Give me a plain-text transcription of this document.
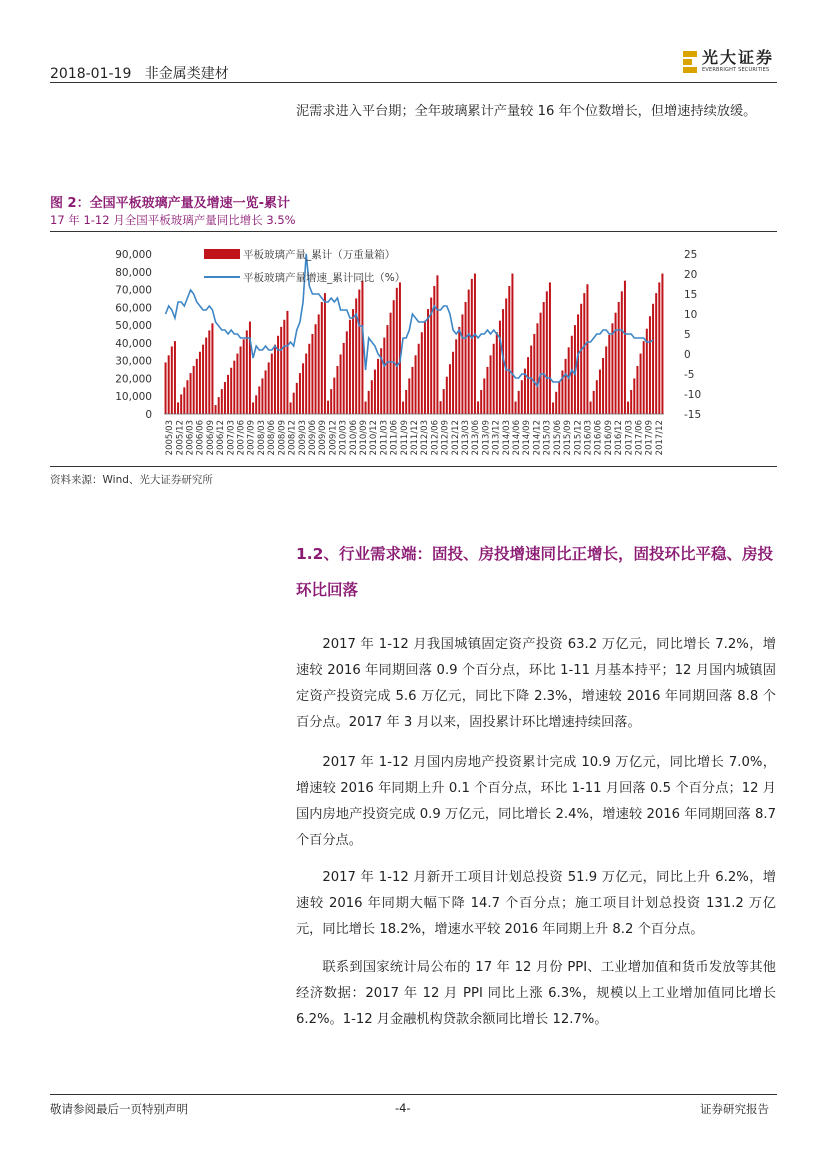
2018-01-19 非金属类建材
光大证券
EVERBRIGHT SECURITIES
泥需求进入平台期；全年玻璃累计产量较 16 年个位数增长，但增速持续放缓。
图 2：全国平板玻璃产量及增速一览-累计
17 年 1-12 月全国平板玻璃产量同比增长 3.5%
0
10,000
20,000
30,000
40,000
50,000
60,000
70,000
80,000
90,000
-15
-10
-5
0
5
10
15
20
25
2005/03 2005/12 2006/03 2006/06 2006/09 2006/12 2007/03 2007/06 2007/09 2008/03 2008/06 2008/09 2008/12 2009/03 2009/06 2009/09 2009/12 2010/03 2010/06 2010/09 2010/12 2011/03 2011/06 2011/09 2011/12 2012/03 2012/06 2012/09 2012/12 2013/03 2013/06 2013/09 2013/12 2014/03 2014/06 2014/09 2014/12 2015/03 2015/06 2015/09 2015/12 2016/03 2016/06 2016/09 2016/12 2017/03 2017/06 2017/09 2017/12
平板玻璃产量_累计（万重量箱）
平板玻璃产量增速_累计同比（%）
资料来源：Wind、光大证券研究所
1.2、行业需求端：固投、房投增速同比正增长，固投环比平稳、房投环比回落
2017 年 1-12 月我国城镇固定资产投资 63.2 万亿元，同比增长 7.2%，增速较 2016 年同期回落 0.9 个百分点，环比 1-11 月基本持平；12 月国内城镇固定资产投资完成 5.6 万亿元，同比下降 2.3%，增速较 2016 年同期回落 8.8 个百分点。2017 年 3 月以来，固投累计环比增速持续回落。
2017 年 1-12 月国内房地产投资累计完成 10.9 万亿元，同比增长 7.0%，增速较 2016 年同期上升 0.1 个百分点，环比 1-11 月回落 0.5 个百分点；12 月国内房地产投资完成 0.9 万亿元，同比增长 2.4%，增速较 2016 年同期回落 8.7 个百分点。
2017 年 1-12 月新开工项目计划总投资 51.9 万亿元，同比上升 6.2%，增速较 2016 年同期大幅下降 14.7 个百分点；施工项目计划总投资 131.2 万亿元，同比增长 18.2%，增速水平较 2016 年同期上升 8.2 个百分点。
联系到国家统计局公布的 17 年 12 月份 PPI、工业增加值和货币发放等其他经济数据：2017 年 12 月 PPI 同比上涨 6.3%，规模以上工业增加值同比增长 6.2%。1-12 月金融机构贷款余额同比增长 12.7%。
敬请参阅最后一页特别声明	-4-	证券研究报告
